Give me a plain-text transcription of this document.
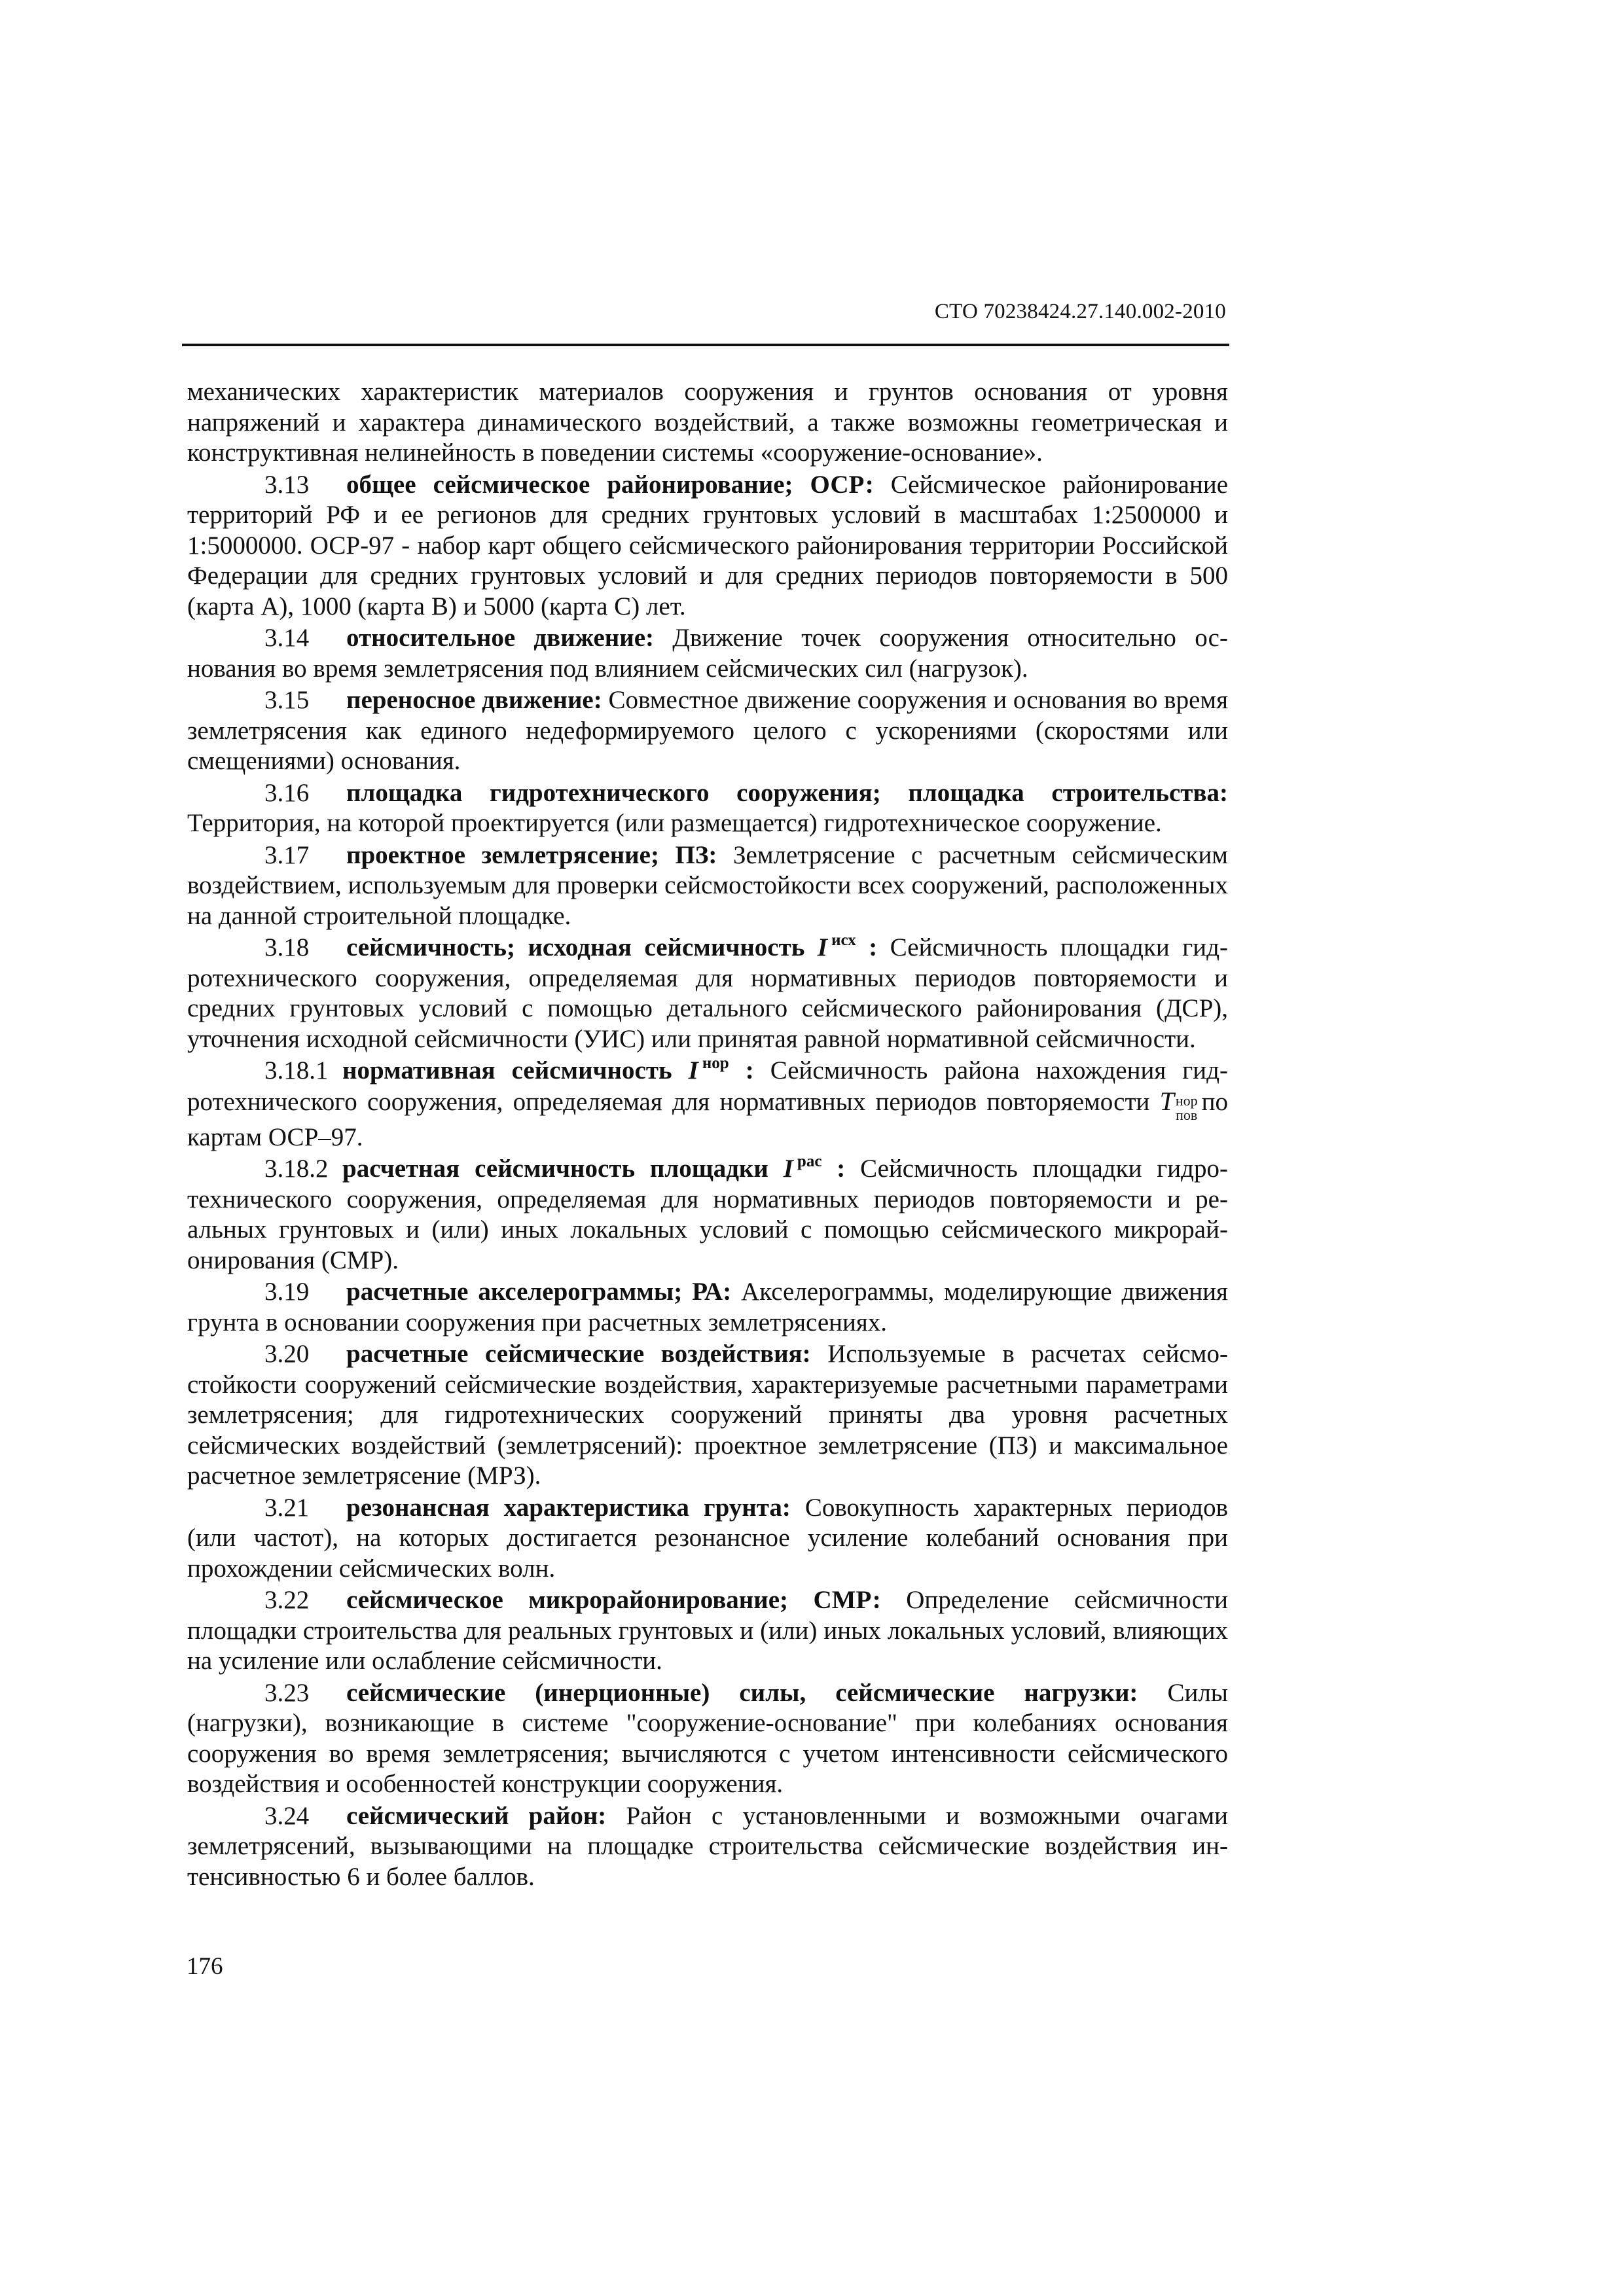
СТО 70238424.27.140.002-2010

механических характеристик материалов сооружения и грунтов основания от уровня напряжений и характера динамического воздействий, а также возможны геометрическая и конструктивная нелинейность в поведении системы «сооружение-основание».

3.13 общее сейсмическое районирование; ОСР: Сейсмическое районирование территорий РФ и ее регионов для средних грунтовых условий в масштабах 1:2500000 и 1:5000000. ОСР-97 - набор карт общего сейсмического районирования территории Российской Федерации для средних грунтовых условий и для средних периодов повторяемости в 500 (карта А), 1000 (карта В) и 5000 (карта С) лет.

3.14 относительное движение: Движение точек сооружения относительно основания во время землетрясения под влиянием сейсмических сил (нагрузок).

3.15 переносное движение: Совместное движение сооружения и основания во время землетрясения как единого недеформируемого целого с ускорениями (скоростями или смещениями) основания.

3.16 площадка гидротехнического сооружения; площадка строительства: Территория, на которой проектируется (или размещается) гидротехническое сооружение.

3.17 проектное землетрясение; ПЗ: Землетрясение с расчетным сейсмическим воздействием, используемым для проверки сейсмостойкости всех сооружений, расположенных на данной строительной площадке.

3.18 сейсмичность; исходная сейсмичность I $^{исх}$ : Сейсмичность площадки гидротехнического сооружения, определяемая для нормативных периодов повторяемости и средних грунтовых условий с помощью детального сейсмического районирования (ДСР), уточнения исходной сейсмичности (УИС) или принятая равной нормативной сейсмичности.

3.18.1 нормативная сейсмичность I $^{нор}$ : Сейсмичность района нахождения гидротехнического сооружения, определяемая для нормативных периодов повторяемости T нор
пов по картам ОСР–97.

3.18.2 расчетная сейсмичность площадки I $^{рас}$ : Сейсмичность площадки гидротехнического сооружения, определяемая для нормативных периодов повторяемости и реальных грунтовых и (или) иных локальных условий с помощью сейсмического микрорайонирования (СМР).

3.19 расчетные акселерограммы; РА: Акселерограммы, моделирующие движения грунта в основании сооружения при расчетных землетрясениях.

3.20 расчетные сейсмические воздействия: Используемые в расчетах сейсмостойкости сооружений сейсмические воздействия, характеризуемые расчетными параметрами землетрясения; для гидротехнических сооружений приняты два уровня расчетных сейсмических воздействий (землетрясений): проектное землетрясение (ПЗ) и максимальное расчетное землетрясение (МРЗ).

3.21 резонансная характеристика грунта: Совокупность характерных периодов (или частот), на которых достигается резонансное усиление колебаний основания при прохождении сейсмических волн.

3.22 сейсмическое микрорайонирование; СМР: Определение сейсмичности площадки строительства для реальных грунтовых и (или) иных локальных условий, влияющих на усиление или ослабление сейсмичности.

3.23 сейсмические (инерционные) силы, сейсмические нагрузки: Силы (нагрузки), возникающие в системе "сооружение-основание" при колебаниях основания сооружения во время землетрясения; вычисляются с учетом интенсивности сейсмического воздействия и особенностей конструкции сооружения.

3.24 сейсмический район: Район с установленными и возможными очагами землетрясений, вызывающими на площадке строительства сейсмические воздействия интенсивностью 6 и более баллов.

176
